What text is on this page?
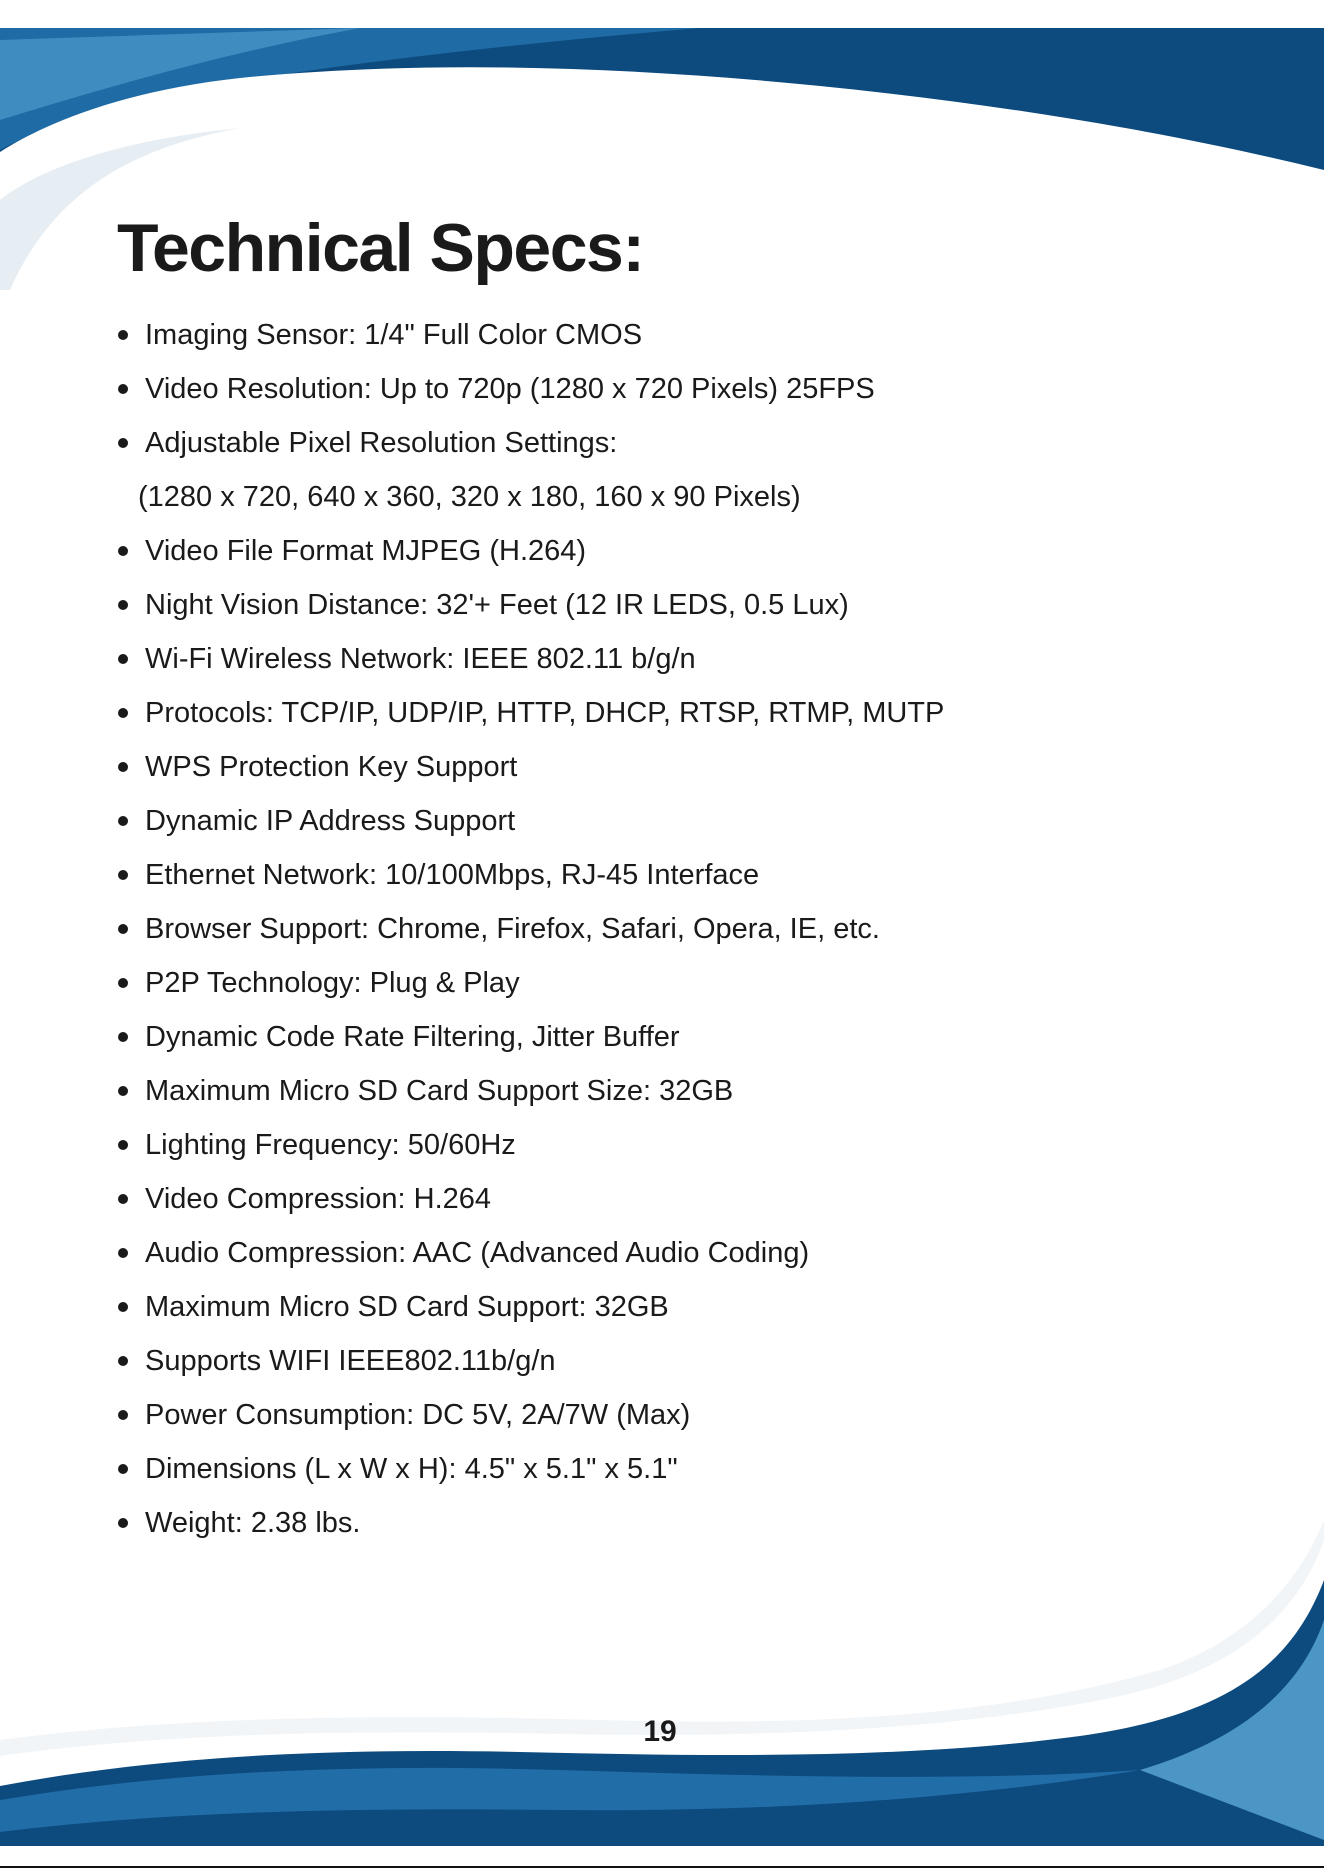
Technical Specs:
Imaging Sensor: 1/4" Full Color CMOS
Video Resolution: Up to 720p (1280 x 720 Pixels) 25FPS
Adjustable Pixel Resolution Settings:
(1280 x 720, 640 x 360, 320 x 180, 160 x 90 Pixels)
Video File Format MJPEG (H.264)
Night Vision Distance: 32'+ Feet (12 IR LEDS, 0.5 Lux)
Wi-Fi Wireless Network: IEEE 802.11 b/g/n
Protocols: TCP/IP, UDP/IP, HTTP, DHCP, RTSP, RTMP, MUTP
WPS Protection Key Support
Dynamic IP Address Support
Ethernet Network: 10/100Mbps, RJ-45 Interface
Browser Support: Chrome, Firefox, Safari, Opera, IE, etc.
P2P Technology: Plug & Play
Dynamic Code Rate Filtering, Jitter Buffer
Maximum Micro SD Card Support Size: 32GB
Lighting Frequency: 50/60Hz
Video Compression: H.264
Audio Compression: AAC (Advanced Audio Coding)
Maximum Micro SD Card Support: 32GB
Supports WIFI IEEE802.11b/g/n
Power Consumption: DC 5V, 2A/7W (Max)
Dimensions (L x W x H): 4.5" x 5.1" x 5.1"
Weight: 2.38 lbs.
19
